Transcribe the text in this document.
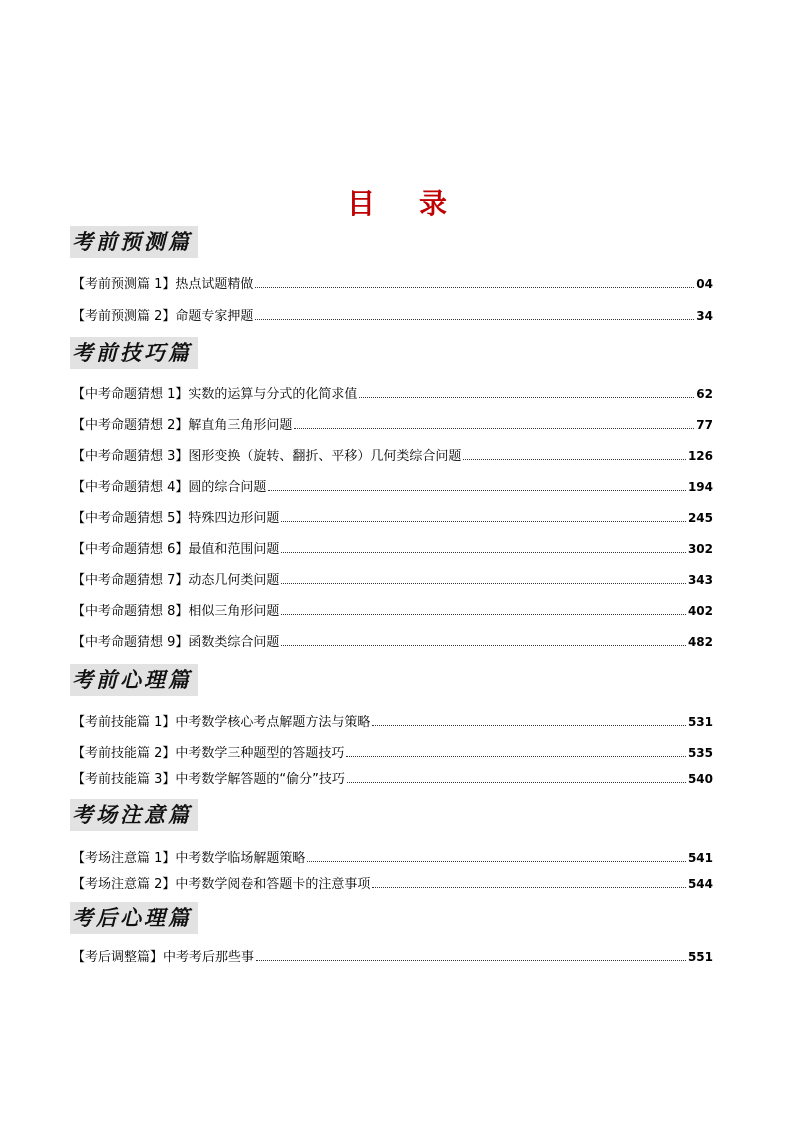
目录
考前预测篇
【考前预测篇 1】热点试题精做	04
【考前预测篇 2】命题专家押题	34
考前技巧篇
【中考命题猜想 1】实数的运算与分式的化简求值	62
【中考命题猜想 2】解直角三角形问题	77
【中考命题猜想 3】图形变换（旋转、翻折、平移）几何类综合问题	126
【中考命题猜想 4】圆的综合问题	194
【中考命题猜想 5】特殊四边形问题	245
【中考命题猜想 6】最值和范围问题	302
【中考命题猜想 7】动态几何类问题	343
【中考命题猜想 8】相似三角形问题	402
【中考命题猜想 9】函数类综合问题	482
考前心理篇
【考前技能篇 1】中考数学核心考点解题方法与策略	531
【考前技能篇 2】中考数学三种题型的答题技巧	535
【考前技能篇 3】中考数学解答题的“偷分”技巧	540
考场注意篇
【考场注意篇 1】中考数学临场解题策略	541
【考场注意篇 2】中考数学阅卷和答题卡的注意事项	544
考后心理篇
【考后调整篇】中考考后那些事	551
